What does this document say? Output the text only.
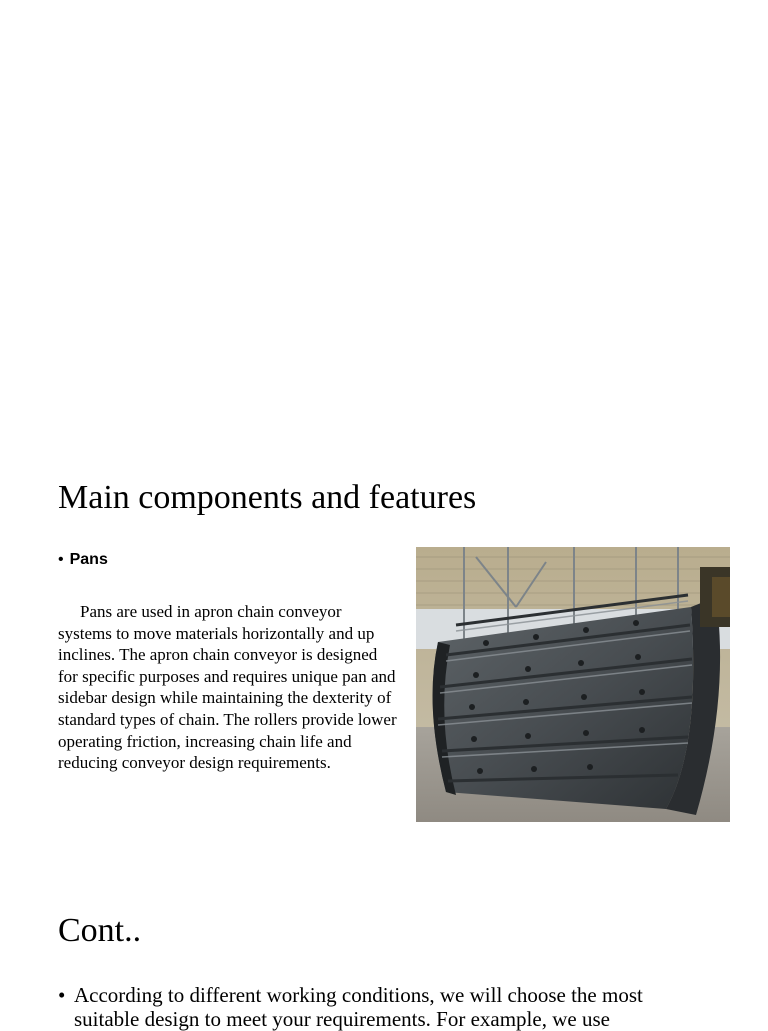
Main components and features
• Pans

Pans are used in apron chain conveyor systems to move materials horizontally and up inclines. The apron chain conveyor is designed for specific purposes and requires unique pan and sidebar design while maintaining the dexterity of standard types of chain. The rollers provide lower operating friction, increasing chain life and reducing conveyor design requirements.

Cont..
• According to different working conditions, we will choose the most suitable design to meet your requirements. For example, we use
